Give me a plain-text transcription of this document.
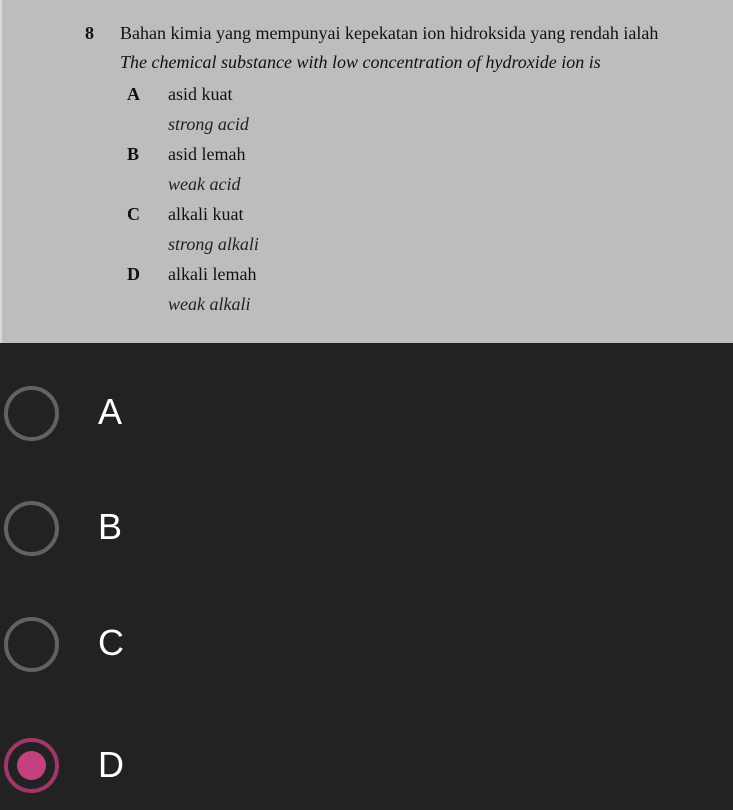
8 Bahan kimia yang mempunyai kepekatan ion hidroksida yang rendah ialah
The chemical substance with low concentration of hydroxide ion is
A asid kuat
strong acid
B asid lemah
weak acid
C alkali kuat
strong alkali
D alkali lemah
weak alkali
A
B
C
D
